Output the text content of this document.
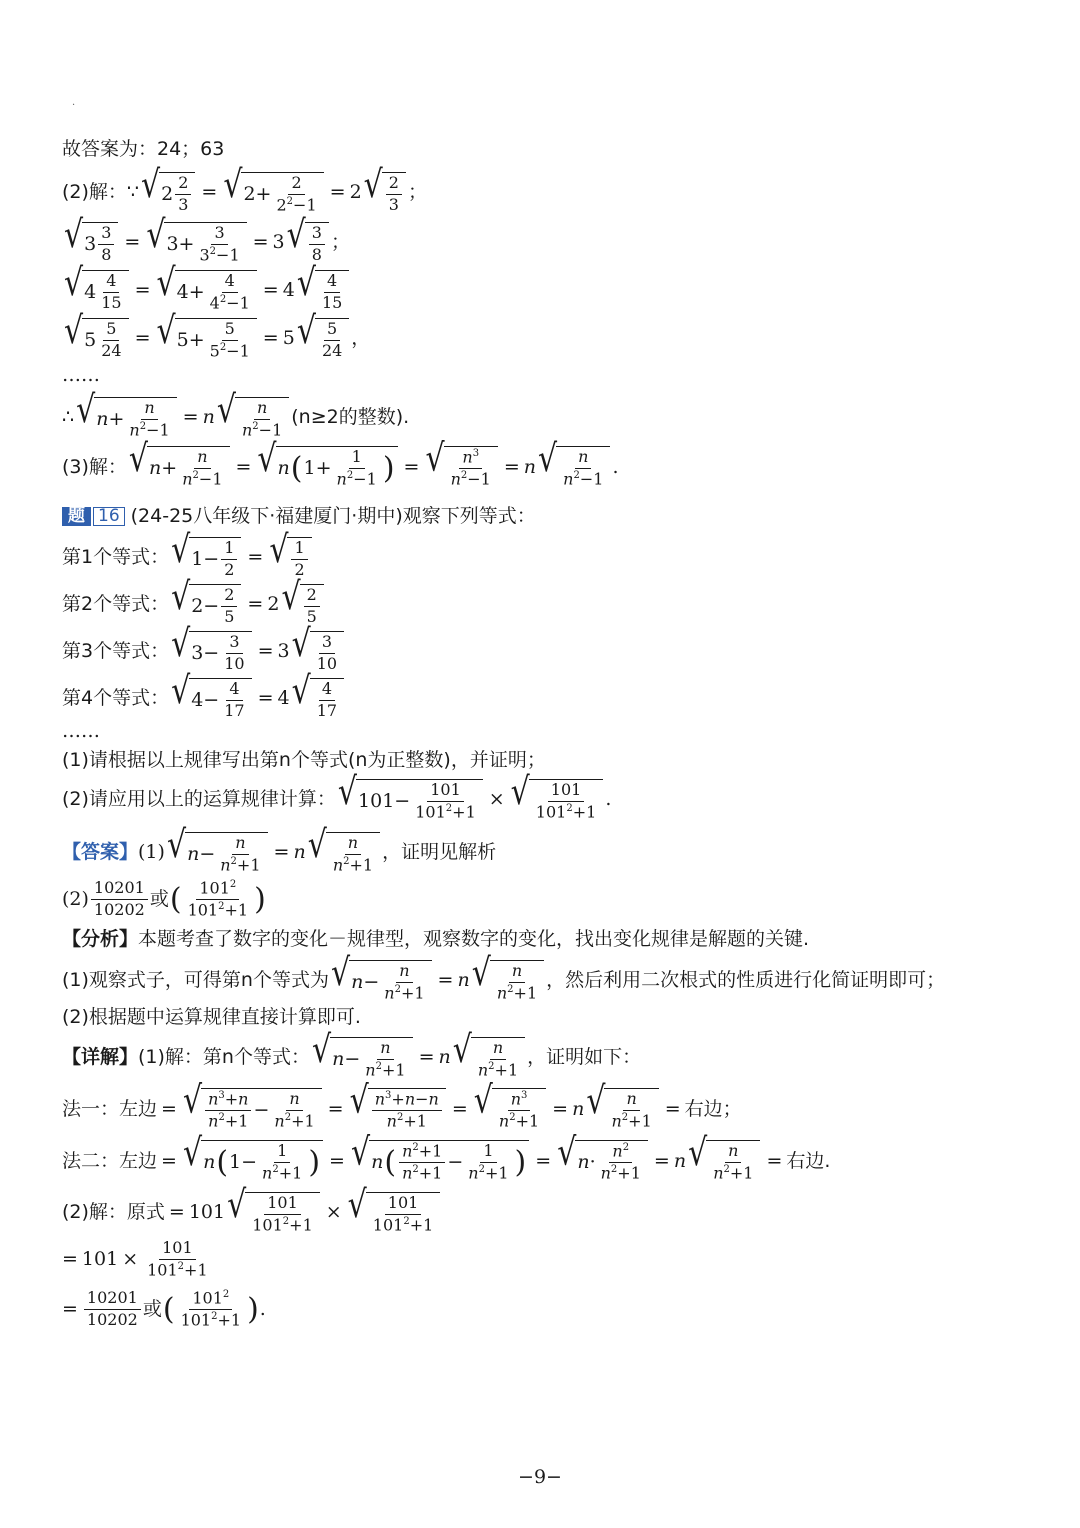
·
故答案为：24；63
(2)解： ∵ √ $2 \frac{2}{3}$ = √ $2+ \frac{2}{2^2-1} = 2$ √ $\frac{2}{3}$ ；
√ $3 \frac{3}{8}$ = √ $3+ \frac{3}{3^2-1} = 3$ √ $\frac{3}{8}$ ；
√ $4 \frac{4}{15}$ = √ $4+ \frac{4}{4^2-1} = 4$ √ $\frac{4}{15}$
√ $5 \frac{5}{24}$ = √ $5+ \frac{5}{5^2-1} = 5$ √ $\frac{5}{24}$ ，
……
∴ √ $n + \frac{n}{n^2-1} = n$ √ $\frac{n}{n^2-1} (n\ge 2$的整数).
(3)解： √ $n + \frac{n}{n^2-1}$ = √ n ( $1+ \frac{1}{n^2-1}$ ) = √ $\frac{n^3}{n^2-1} = n$ √ $\frac{n}{n^2-1}$ .
题 16 (24-25八年级下·福建厦门·期中)观察下列等式：
第1个等式： √ $1- \frac{1}{2}$ = √ $\frac{1}{2}$
第2个等式： √ $2- \frac{2}{5} = 2$ √ $\frac{2}{5}$
第3个等式： √ $3- \frac{3}{10} = 3$ √ $\frac{3}{10}$
第4个等式： √ $4- \frac{4}{17} = 4$ √ $\frac{4}{17}$
……
(1)请根据以上规律写出第n个等式(n为正整数)，并证明；
(2)请应用以上的运算规律计算： √ $101- \frac{101}{101^2+1}$ × √ $\frac{101}{101^2+1}$ .
【答案】 (1) √ $n - \frac{n}{n^2+1} = n$ √ $\frac{n}{n^2+1}$ ，证明见解析
$(2) \frac{10201}{10202}$ 或 ( $\frac{101^2}{101^2+1}$ )
【分析】 本题考查了数字的变化－规律型，观察数字的变化，找出变化规律是解题的关键.
(1)观察式子，可得第n个等式为 √ $n - \frac{n}{n^2+1} = n$ √ $\frac{n}{n^2+1}$ ，然后利用二次根式的性质进行化简证明即可；
(2)根据题中运算规律直接计算即可.
【详解】 (1)解：第n个等式： √ $n - \frac{n}{n^2+1} = n$ √ $\frac{n}{n^2+1}$ ，证明如下：
法一：左边 = √ $\frac{n^3+n}{n^2+1} - \frac{n}{n^2+1}$ = √ $\frac{n^3+n-n}{n^2+1}$ = √ $\frac{n^3}{n^2+1} = n$ √ $\frac{n}{n^2+1}$ = 右边；
法二：左边 = √ n ( $1- \frac{1}{n^2+1}$ ) = √ n ( $\frac{n^2+1}{n^2+1} - \frac{1}{n^2+1}$ ) = √ $n \cdot \frac{n^2}{n^2+1} = n$ √ $\frac{n}{n^2+1}$ = 右边.
(2)解：原式 = 101 √ $\frac{101}{101^2+1}$ × √ $\frac{101}{101^2+1}$
= $101 \times \frac{101}{101^2+1}$
= $\frac{10201}{10202}$ 或 ( $\frac{101^2}{101^2+1}$ ) .
−9−
